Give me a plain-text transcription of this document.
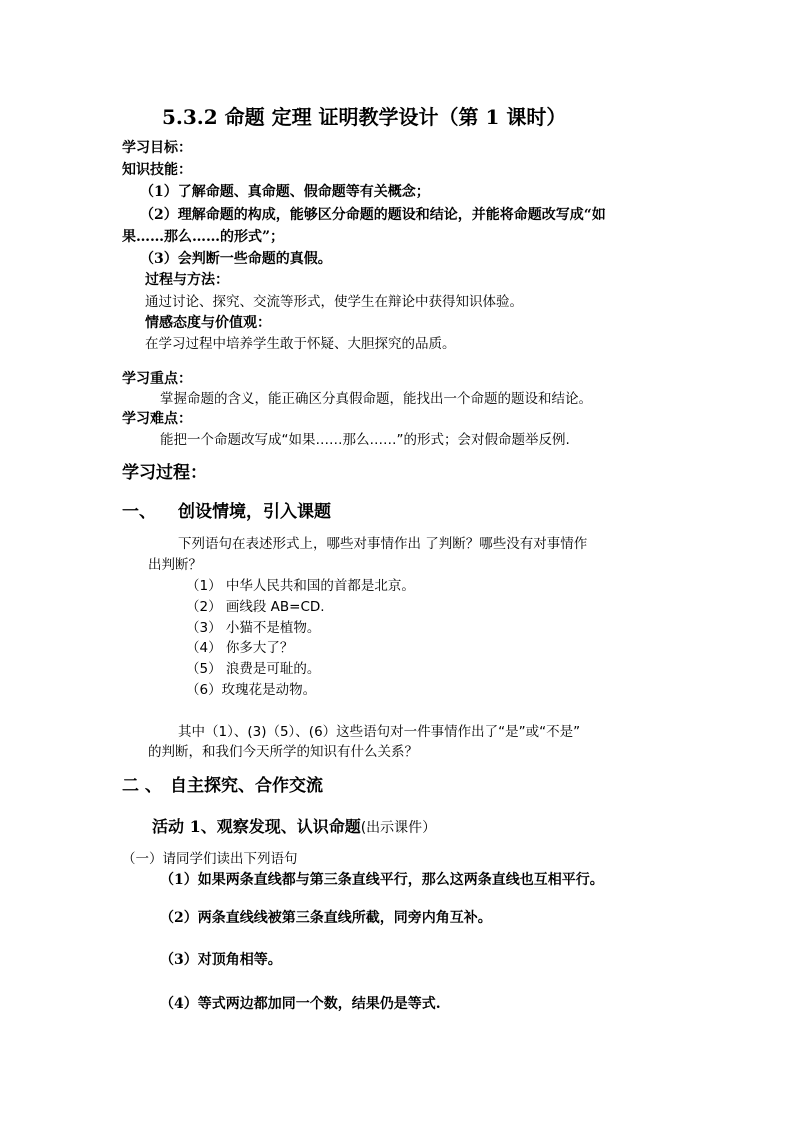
5.3.2 命题 定理 证明教学设计（第 1 课时）
学习目标：
知识技能：
（1）了解命题、真命题、假命题等有关概念；
（2）理解命题的构成，能够区分命题的题设和结论，并能将命题改写成“如
果……那么……的形式”；
（3）会判断一些命题的真假。
过程与方法：
通过讨论、探究、交流等形式，使学生在辩论中获得知识体验。
情感态度与价值观：
在学习过程中培养学生敢于怀疑、大胆探究的品质。
学习重点：
掌握命题的含义，能正确区分真假命题，能找出一个命题的题设和结论。
学习难点：
能把一个命题改写成“如果……那么……”的形式；会对假命题举反例.
学习过程：
一、 创设情境，引入课题
下列语句在表述形式上，哪些对事情作出 了判断？哪些没有对事情作
出判断？
（1） 中华人民共和国的首都是北京。
（2） 画线段 AB=CD.
（3） 小猫不是植物。
（4） 你多大了？
（5） 浪费是可耻的。
（6）玫瑰花是动物。
其中（1）、(3)（5）、(6）这些语句对一件事情作出了“是”或“不是”
的判断，和我们今天所学的知识有什么关系？
二 、 自主探究、合作交流
活动 1、观察发现、认识命题(出示课件）
（一）请同学们读出下列语句
（1）如果两条直线都与第三条直线平行，那么这两条直线也互相平行。
（2）两条直线线被第三条直线所截，同旁内角互补。
（3）对顶角相等。
（4）等式两边都加同一个数，结果仍是等式.
